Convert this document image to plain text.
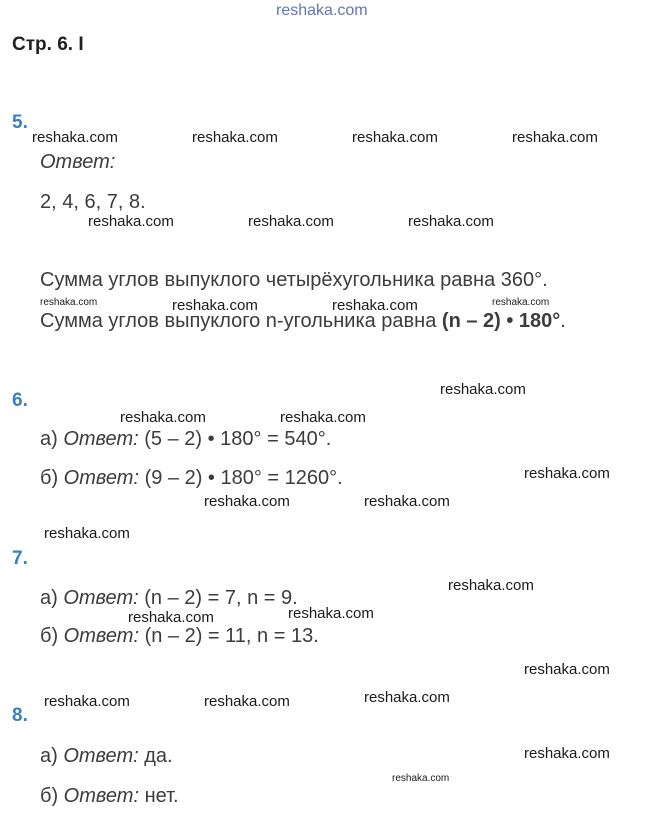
reshaka.com
Стр. 6. I
5.
Ответ:
2, 4, 6, 7, 8.
Сумма углов выпуклого четырёхугольника равна 360°.
Сумма углов выпуклого n-угольника равна (n – 2) • 180°.
6.
а) Ответ: (5 – 2) • 180° = 540°.
б) Ответ: (9 – 2) • 180° = 1260°.
7.
а) Ответ: (n – 2) = 7, n = 9.
б) Ответ: (n – 2) = 11, n = 13.
8.
а) Ответ: да.
б) Ответ: нет.
reshaka.com	reshaka.com	reshaka.com	reshaka.com
reshaka.com	reshaka.com	reshaka.com
reshaka.com	reshaka.com	reshaka.com	reshaka.com
reshaka.com
reshaka.com	reshaka.com
reshaka.com
reshaka.com	reshaka.com
reshaka.com
reshaka.com
reshaka.com
reshaka.com
reshaka.com
reshaka.com
reshaka.com	reshaka.com
reshaka.com
reshaka.com
